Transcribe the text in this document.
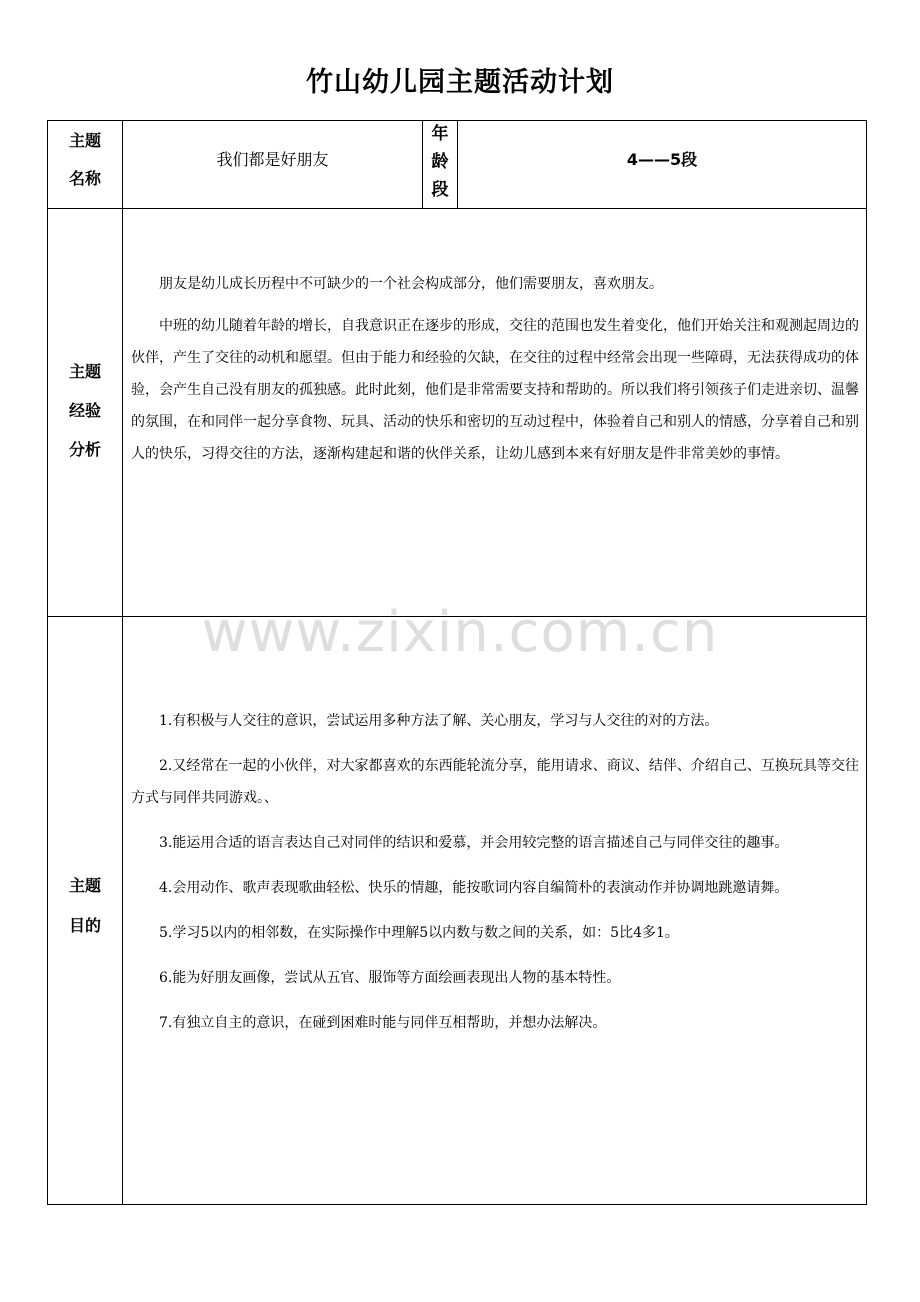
竹山幼儿园主题活动计划
主题
名称
我们都是好朋友
年
龄
段
4——5段
主题
经验
分析

朋友是幼儿成长历程中不可缺少的一个社会构成部分，他们需要朋友，喜欢朋友。

中班的幼儿随着年龄的增长，自我意识正在逐步的形成，交往的范围也发生着变化，他们开始关注和观测起周边的伙伴，产生了交往的动机和愿望。但由于能力和经验的欠缺，在交往的过程中经常会出现一些障碍，无法获得成功的体验，会产生自己没有朋友的孤独感。此时此刻，他们是非常需要支持和帮助的。所以我们将引领孩子们走进亲切、温馨的氛围，在和同伴一起分享食物、玩具、活动的快乐和密切的互动过程中，体验着自己和别人的情感，分享着自己和别人的快乐，习得交往的方法，逐渐构建起和谐的伙伴关系，让幼儿感到本来有好朋友是件非常美妙的事情。

www.zixin.com.cn
主题
目的

1.有积极与人交往的意识，尝试运用多种方法了解、关心朋友，学习与人交往的对的方法。

2.又经常在一起的小伙伴，对大家都喜欢的东西能轮流分享，能用请求、商议、结伴、介绍自己、互换玩具等交往方式与同伴共同游戏。、

3.能运用合适的语言表达自己对同伴的结识和爱慕，并会用较完整的语言描述自己与同伴交往的趣事。

4.会用动作、歌声表现歌曲轻松、快乐的情趣，能按歌词内容自编简朴的表演动作并协调地跳邀请舞。

5.学习5以内的相邻数，在实际操作中理解5以内数与数之间的关系，如：5比4多1。

6.能为好朋友画像，尝试从五官、服饰等方面绘画表现出人物的基本特性。

7.有独立自主的意识，在碰到困难时能与同伴互相帮助，并想办法解决。
